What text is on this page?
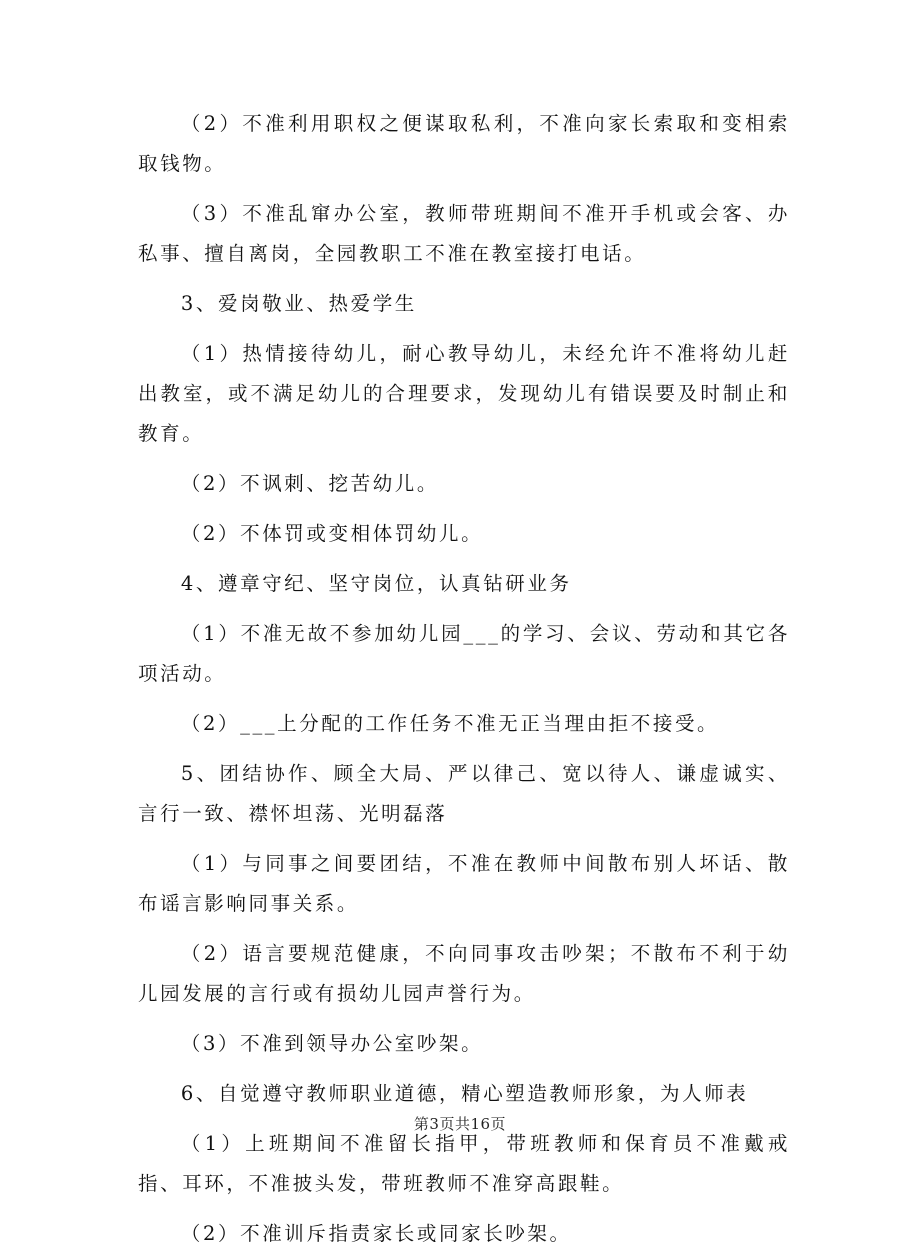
（2）不准利用职权之便谋取私利，不准向家长索取和变相索取钱物。

（3）不准乱窜办公室，教师带班期间不准开手机或会客、办私事、擅自离岗，全园教职工不准在教室接打电话。

3、爱岗敬业、热爱学生

（1）热情接待幼儿，耐心教导幼儿，未经允许不准将幼儿赶出教室，或不满足幼儿的合理要求，发现幼儿有错误要及时制止和教育。

（2）不讽刺、挖苦幼儿。

（2）不体罚或变相体罚幼儿。

4、遵章守纪、坚守岗位，认真钻研业务

（1）不准无故不参加幼儿园___的学习、会议、劳动和其它各项活动。

（2）___上分配的工作任务不准无正当理由拒不接受。

5、团结协作、顾全大局、严以律己、宽以待人、谦虚诚实、言行一致、襟怀坦荡、光明磊落

（1）与同事之间要团结，不准在教师中间散布别人坏话、散布谣言影响同事关系。

（2）语言要规范健康，不向同事攻击吵架；不散布不利于幼儿园发展的言行或有损幼儿园声誉行为。

（3）不准到领导办公室吵架。

6、自觉遵守教师职业道德，精心塑造教师形象，为人师表

（1）上班期间不准留长指甲，带班教师和保育员不准戴戒指、耳环，不准披头发，带班教师不准穿高跟鞋。

（2）不准训斥指责家长或同家长吵架。

第3页共16页
